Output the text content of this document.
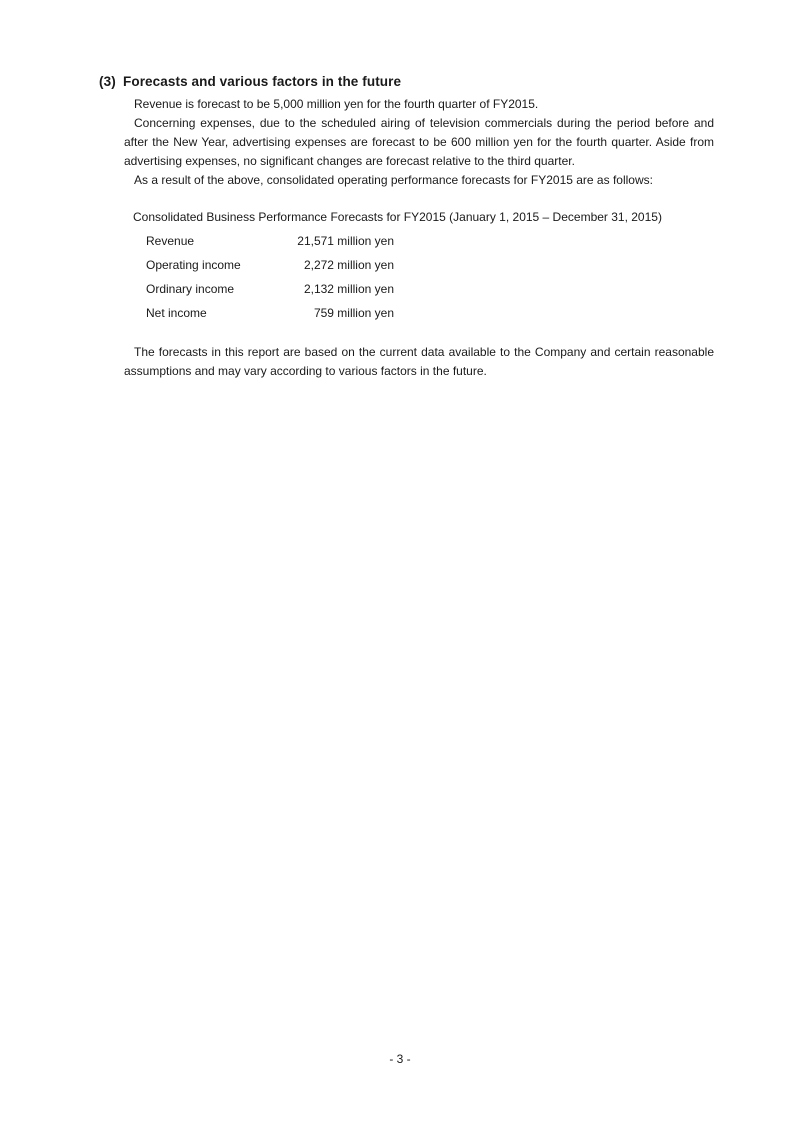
(3) Forecasts and various factors in the future

Revenue is forecast to be 5,000 million yen for the fourth quarter of FY2015.

Concerning expenses, due to the scheduled airing of television commercials during the period before and after the New Year, advertising expenses are forecast to be 600 million yen for the fourth quarter. Aside from advertising expenses, no significant changes are forecast relative to the third quarter.

As a result of the above, consolidated operating performance forecasts for FY2015 are as follows:

Consolidated Business Performance Forecasts for FY2015 (January 1, 2015 – December 31, 2015)
Revenue	21,571 million yen
Operating income	2,272 million yen
Ordinary income	2,132 million yen
Net income	759 million yen

The forecasts in this report are based on the current data available to the Company and certain reasonable assumptions and may vary according to various factors in the future.

- 3 -
